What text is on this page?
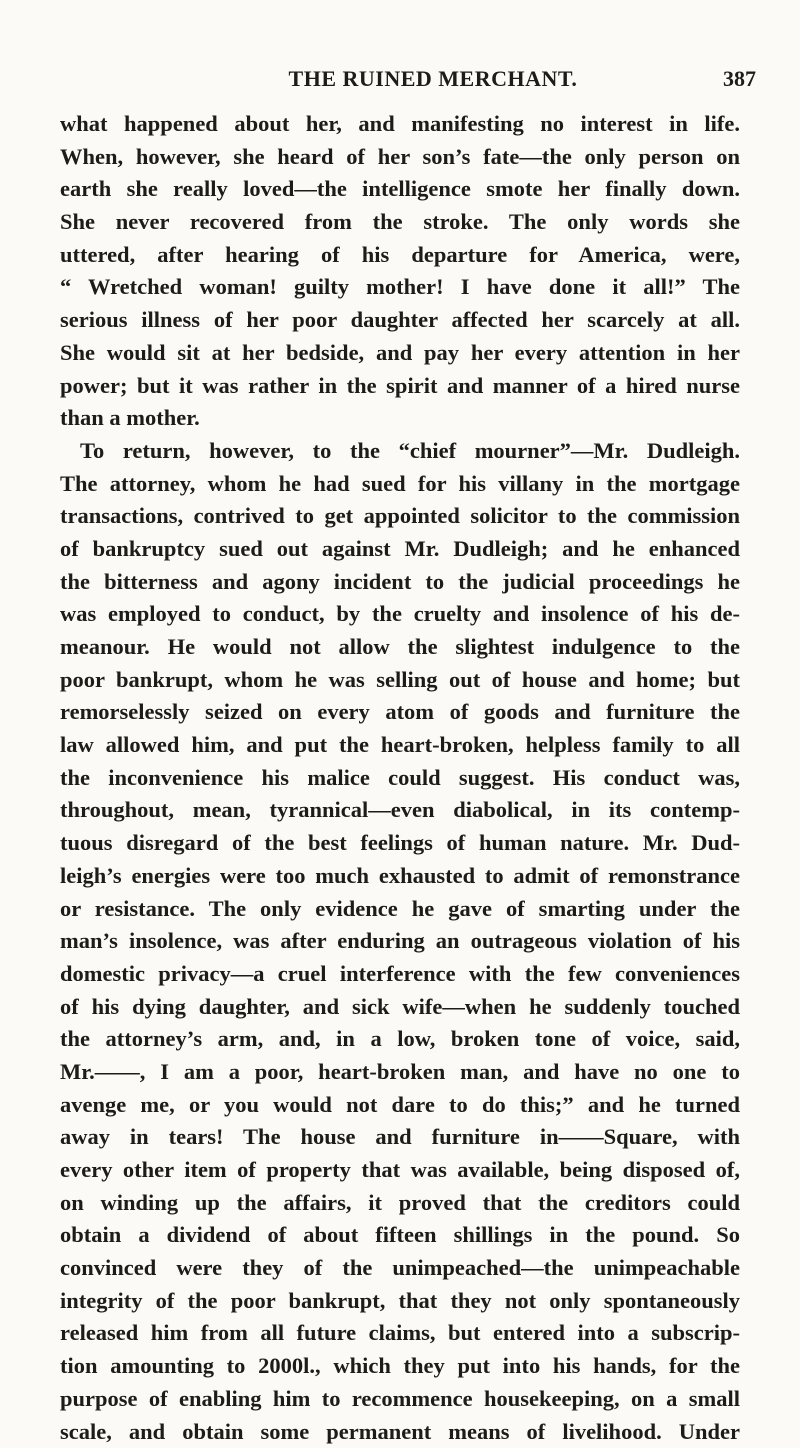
THE RUINED MERCHANT.	387
what happened about her, and manifesting no interest in life.
When, however, she heard of her son’s fate—the only person on
earth she really loved—the intelligence smote her finally down.
She never recovered from the stroke. The only words she
uttered, after hearing of his departure for America, were,
“ Wretched woman! guilty mother! I have done it all!” The
serious illness of her poor daughter affected her scarcely at all.
She would sit at her bedside, and pay her every attention in her
power; but it was rather in the spirit and manner of a hired nurse
than a mother.
To return, however, to the “chief mourner”—Mr. Dudleigh.
The attorney, whom he had sued for his villany in the mortgage
transactions, contrived to get appointed solicitor to the commission
of bankruptcy sued out against Mr. Dudleigh; and he enhanced
the bitterness and agony incident to the judicial proceedings he
was employed to conduct, by the cruelty and insolence of his de-
meanour. He would not allow the slightest indulgence to the
poor bankrupt, whom he was selling out of house and home; but
remorselessly seized on every atom of goods and furniture the
law allowed him, and put the heart-broken, helpless family to all
the inconvenience his malice could suggest. His conduct was,
throughout, mean, tyrannical—even diabolical, in its contemp-
tuous disregard of the best feelings of human nature. Mr. Dud-
leigh’s energies were too much exhausted to admit of remonstrance
or resistance. The only evidence he gave of smarting under the
man’s insolence, was after enduring an outrageous violation of his
domestic privacy—a cruel interference with the few conveniences
of his dying daughter, and sick wife—when he suddenly touched
the attorney’s arm, and, in a low, broken tone of voice, said,
Mr.——, I am a poor, heart-broken man, and have no one to
avenge me, or you would not dare to do this;” and he turned
away in tears! The house and furniture in——Square, with
every other item of property that was available, being disposed of,
on winding up the affairs, it proved that the creditors could
obtain a dividend of about fifteen shillings in the pound. So
convinced were they of the unimpeached—the unimpeachable
integrity of the poor bankrupt, that they not only spontaneously
released him from all future claims, but entered into a subscrip-
tion amounting to 2000l., which they put into his hands, for the
purpose of enabling him to recommence housekeeping, on a small
scale, and obtain some permanent means of livelihood. Under
